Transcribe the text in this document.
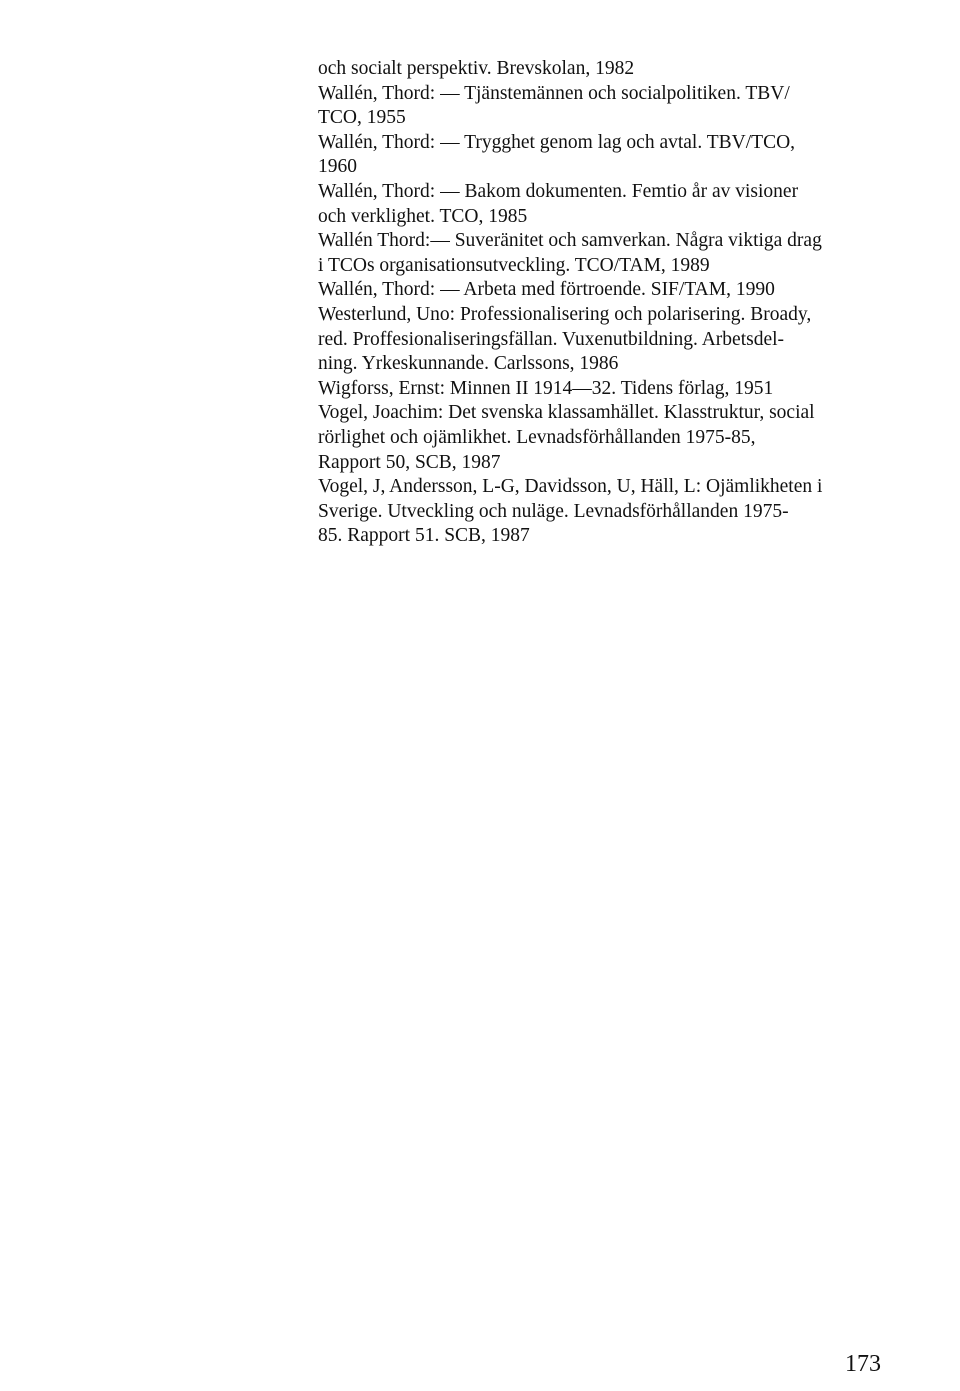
och socialt perspektiv. Brevskolan, 1982

Wallén, Thord: — Tjänstemännen och socialpolitiken. TBV/
TCO, 1955

Wallén, Thord: — Trygghet genom lag och avtal. TBV/TCO,
1960

Wallén, Thord: — Bakom dokumenten. Femtio år av visioner
och verklighet. TCO, 1985

Wallén Thord:— Suveränitet och samverkan. Några viktiga drag
i TCOs organisationsutveckling. TCO/TAM, 1989

Wallén, Thord: — Arbeta med förtroende. SIF/TAM, 1990

Westerlund, Uno: Professionalisering och polarisering. Broady,
red. Proffesionaliseringsfällan. Vuxenutbildning. Arbetsdel-
ning. Yrkeskunnande. Carlssons, 1986

Wigforss, Ernst: Minnen II 1914—32. Tidens förlag, 1951

Vogel, Joachim: Det svenska klassamhället. Klasstruktur, social
rörlighet och ojämlikhet. Levnadsförhållanden 1975-85,
Rapport 50, SCB, 1987

Vogel, J, Andersson, L-G, Davidsson, U, Häll, L: Ojämlikheten i
Sverige. Utveckling och nuläge. Levnadsförhållanden 1975-
85. Rapport 51. SCB, 1987

173
